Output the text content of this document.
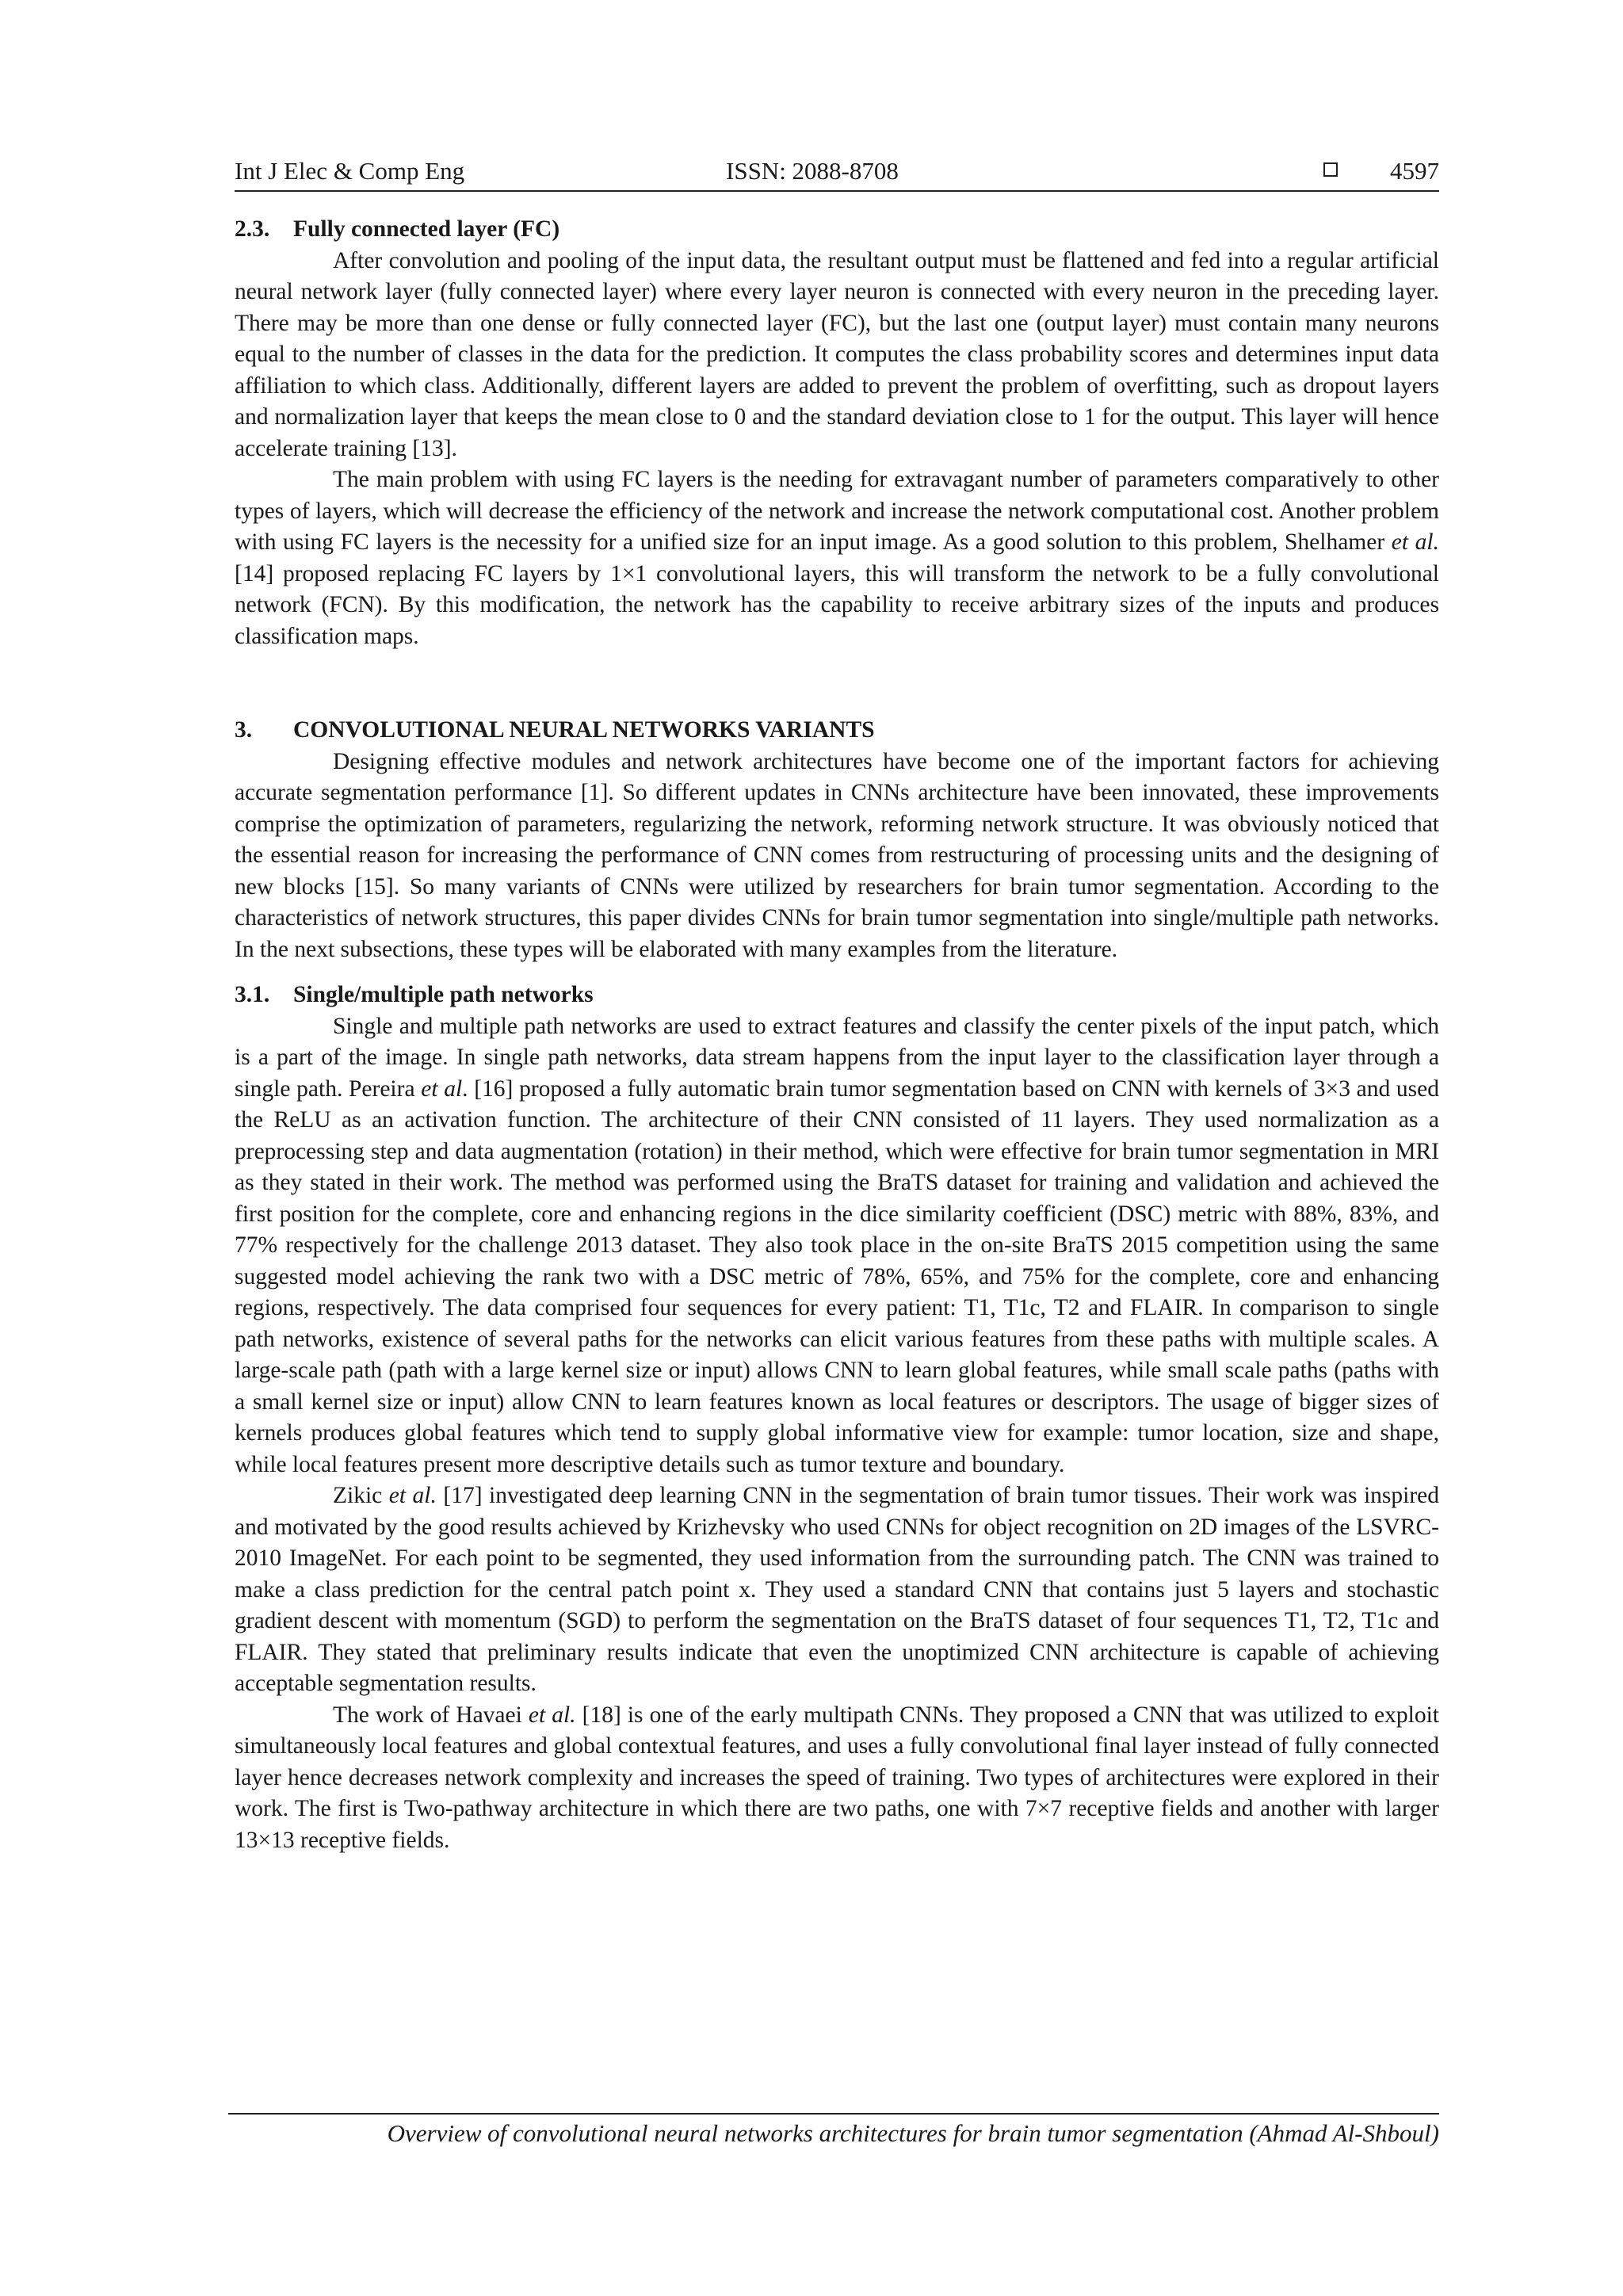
Int J Elec & Comp Eng	ISSN: 2088-8708	4597

2.3. Fully connected layer (FC)

After convolution and pooling of the input data, the resultant output must be flattened and fed into a regular artificial neural network layer (fully connected layer) where every layer neuron is connected with every neuron in the preceding layer. There may be more than one dense or fully connected layer (FC), but the last one (output layer) must contain many neurons equal to the number of classes in the data for the prediction. It computes the class probability scores and determines input data affiliation to which class. Additionally, different layers are added to prevent the problem of overfitting, such as dropout layers and normalization layer that keeps the mean close to 0 and the standard deviation close to 1 for the output. This layer will hence accelerate training [13].

The main problem with using FC layers is the needing for extravagant number of parameters comparatively to other types of layers, which will decrease the efficiency of the network and increase the network computational cost. Another problem with using FC layers is the necessity for a unified size for an input image. As a good solution to this problem, Shelhamer et al. [14] proposed replacing FC layers by 1×1 convolutional layers, this will transform the network to be a fully convolutional network (FCN). By this modification, the network has the capability to receive arbitrary sizes of the inputs and produces classification maps.

3. CONVOLUTIONAL NEURAL NETWORKS VARIANTS

Designing effective modules and network architectures have become one of the important factors for achieving accurate segmentation performance [1]. So different updates in CNNs architecture have been innovated, these improvements comprise the optimization of parameters, regularizing the network, reforming network structure. It was obviously noticed that the essential reason for increasing the performance of CNN comes from restructuring of processing units and the designing of new blocks [15]. So many variants of CNNs were utilized by researchers for brain tumor segmentation. According to the characteristics of network structures, this paper divides CNNs for brain tumor segmentation into single/multiple path networks. In the next subsections, these types will be elaborated with many examples from the literature.

3.1. Single/multiple path networks

Single and multiple path networks are used to extract features and classify the center pixels of the input patch, which is a part of the image. In single path networks, data stream happens from the input layer to the classification layer through a single path. Pereira et al. [16] proposed a fully automatic brain tumor segmentation based on CNN with kernels of 3×3 and used the ReLU as an activation function. The architecture of their CNN consisted of 11 layers. They used normalization as a preprocessing step and data augmentation (rotation) in their method, which were effective for brain tumor segmentation in MRI as they stated in their work. The method was performed using the BraTS dataset for training and validation and achieved the first position for the complete, core and enhancing regions in the dice similarity coefficient (DSC) metric with 88%, 83%, and 77% respectively for the challenge 2013 dataset. They also took place in the on-site BraTS 2015 competition using the same suggested model achieving the rank two with a DSC metric of 78%, 65%, and 75% for the complete, core and enhancing regions, respectively. The data comprised four sequences for every patient: T1, T1c, T2 and FLAIR. In comparison to single path networks, existence of several paths for the networks can elicit various features from these paths with multiple scales. A large-scale path (path with a large kernel size or input) allows CNN to learn global features, while small scale paths (paths with a small kernel size or input) allow CNN to learn features known as local features or descriptors. The usage of bigger sizes of kernels produces global features which tend to supply global informative view for example: tumor location, size and shape, while local features present more descriptive details such as tumor texture and boundary.

Zikic et al. [17] investigated deep learning CNN in the segmentation of brain tumor tissues. Their work was inspired and motivated by the good results achieved by Krizhevsky who used CNNs for object recognition on 2D images of the LSVRC-2010 ImageNet. For each point to be segmented, they used information from the surrounding patch. The CNN was trained to make a class prediction for the central patch point x. They used a standard CNN that contains just 5 layers and stochastic gradient descent with momentum (SGD) to perform the segmentation on the BraTS dataset of four sequences T1, T2, T1c and FLAIR. They stated that preliminary results indicate that even the unoptimized CNN architecture is capable of achieving acceptable segmentation results.

The work of Havaei et al. [18] is one of the early multipath CNNs. They proposed a CNN that was utilized to exploit simultaneously local features and global contextual features, and uses a fully convolutional final layer instead of fully connected layer hence decreases network complexity and increases the speed of training. Two types of architectures were explored in their work. The first is Two-pathway architecture in which there are two paths, one with 7×7 receptive fields and another with larger 13×13 receptive fields.

Overview of convolutional neural networks architectures for brain tumor segmentation (Ahmad Al-Shboul)
